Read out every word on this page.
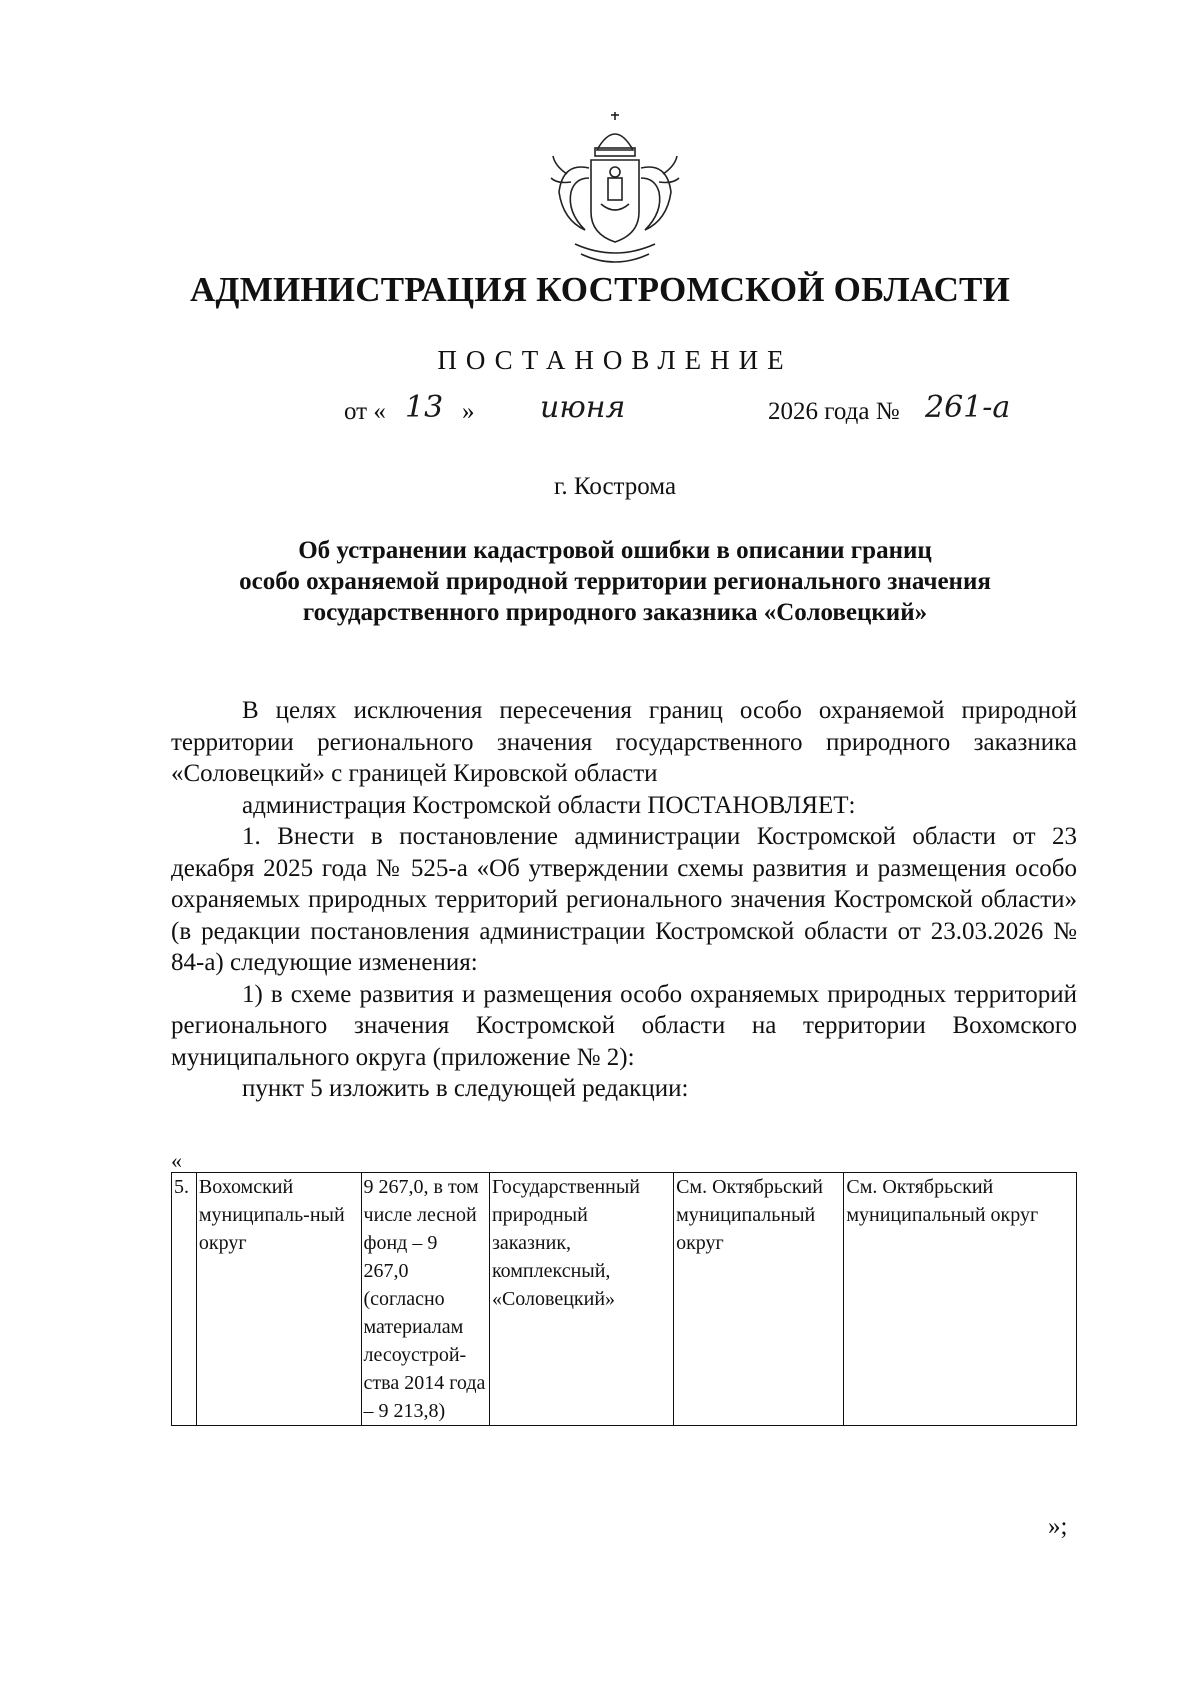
АДМИНИСТРАЦИЯ КОСТРОМСКОЙ ОБЛАСТИ
ПОСТАНОВЛЕНИЕ
от « 13 » июня	2026 года № 261-а
г. Кострома
Об устранении кадастровой ошибки в описании границ
особо охраняемой природной территории регионального значения
государственного природного заказника «Соловецкий»

В целях исключения пересечения границ особо охраняемой природной территории регионального значения государственного природного заказника «Соловецкий» с границей Кировской области

администрация Костромской области ПОСТАНОВЛЯЕТ:

1. Внести в постановление администрации Костромской области от 23 декабря 2025 года № 525-а «Об утверждении схемы развития и размещения особо охраняемых природных территорий регионального значения Костромской области» (в редакции постановления администрации Костромской области от 23.03.2026 № 84-а) следующие изменения:

1) в схеме развития и размещения особо охраняемых природных территорий регионального значения Костромской области на территории Вохомского муниципального округа (приложение № 2):

пункт 5 изложить в следующей редакции:

«
5.	Вохомский муниципаль-ный округ	9 267,0, в том числе лесной фонд – 9 267,0 (согласно материалам лесоустрой-ства 2014 года – 9 213,8)	Государственный природный заказник, комплексный, «Соловецкий»	См. Октябрьский муниципальный округ	См. Октябрьский муниципальный округ
»;
